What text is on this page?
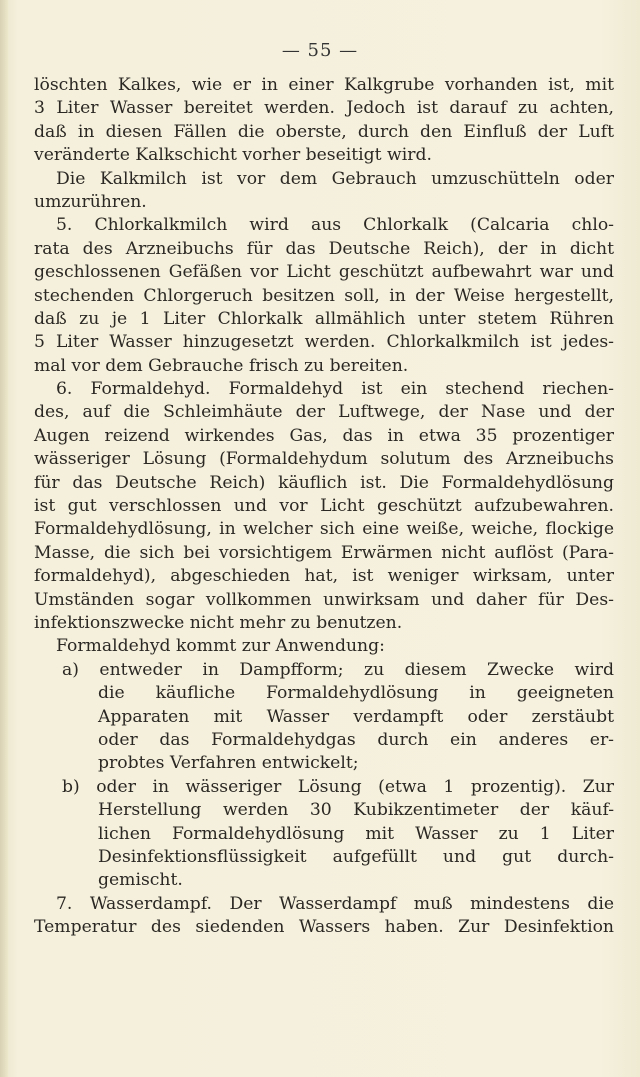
— 55 —
löschten Kalkes, wie er in einer Kalkgrube vorhanden ist, mit
3 Liter Wasser bereitet werden. Jedoch ist darauf zu achten,
daß in diesen Fällen die oberste, durch den Einfluß der Luft
veränderte Kalkschicht vorher beseitigt wird.
Die Kalkmilch ist vor dem Gebrauch umzuschütteln oder
umzurühren.
5. Chlorkalkmilch wird aus Chlorkalk (Calcaria chlo-
rata des Arzneibuchs für das Deutsche Reich), der in dicht
geschlossenen Gefäßen vor Licht geschützt aufbewahrt war und
stechenden Chlorgeruch besitzen soll, in der Weise hergestellt,
daß zu je 1 Liter Chlorkalk allmählich unter stetem Rühren
5 Liter Wasser hinzugesetzt werden. Chlorkalkmilch ist jedes-
mal vor dem Gebrauche frisch zu bereiten.
6. Formaldehyd. Formaldehyd ist ein stechend riechen-
des, auf die Schleimhäute der Luftwege, der Nase und der
Augen reizend wirkendes Gas, das in etwa 35 prozentiger
wässeriger Lösung (Formaldehydum solutum des Arzneibuchs
für das Deutsche Reich) käuflich ist. Die Formaldehydlösung
ist gut verschlossen und vor Licht geschützt aufzubewahren.
Formaldehydlösung, in welcher sich eine weiße, weiche, flockige
Masse, die sich bei vorsichtigem Erwärmen nicht auflöst (Para-
formaldehyd), abgeschieden hat, ist weniger wirksam, unter
Umständen sogar vollkommen unwirksam und daher für Des-
infektionszwecke nicht mehr zu benutzen.
Formaldehyd kommt zur Anwendung:
a) entweder in Dampfform; zu diesem Zwecke wird
die käufliche Formaldehydlösung in geeigneten
Apparaten mit Wasser verdampft oder zerstäubt
oder das Formaldehydgas durch ein anderes er-
probtes Verfahren entwickelt;
b) oder in wässeriger Lösung (etwa 1 prozentig). Zur
Herstellung werden 30 Kubikzentimeter der käuf-
lichen Formaldehydlösung mit Wasser zu 1 Liter
Desinfektionsflüssigkeit aufgefüllt und gut durch-
gemischt.
7. Wasserdampf. Der Wasserdampf muß mindestens die
Temperatur des siedenden Wassers haben. Zur Desinfektion
